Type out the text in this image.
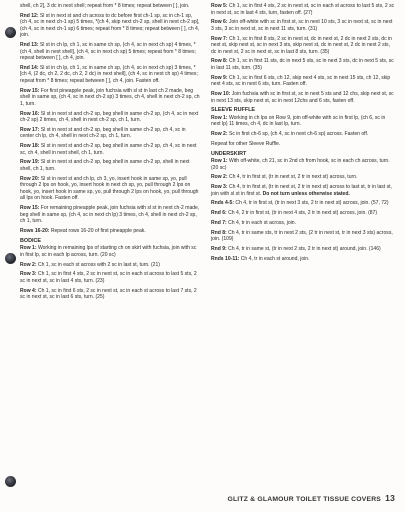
shell, ch 2], 3 dc in next shell; repeat from * 8 times; repeat between [ ], join.
Rnd 12: Sl st in next st and ch across to dc before first ch-1 sp, sc in ch-1 sp, (ch 4, sc in next ch-1 sp) 5 times, *(ch 4, skip next ch-2 sp, shell in next ch-2 sp], (ch 4, sc in next ch-1 sp) 6 times; repeat from * 8 times; repeat between [ ], ch 4, join.
Rnd 13: Sl st in ch lp, ch 1, sc in same ch sp, (ch 4, sc in next ch sp) 4 times, *(ch 4, shell in next shell], (ch 4, sc in next ch sp) 5 times; repeat from * 8 times; repeat between [ ], ch 4, join.
Rnd 14: Sl st in ch lp, ch 1, sc in same ch sp, (ch 4, sc in next ch sp) 3 times, *[ch 4, (2 dc, ch 2, 2 dc, ch 2, 2 dc) in next shell], (ch 4, sc in next ch sp) 4 times; repeat from * 8 times; repeat between [ ], ch 4, join. Fasten off.
Row 15: For first pineapple peak, join fuchsia with sl st in last ch 2 made, beg shell in same sp, (ch 4, sc in next ch-2 sp) 3 times, ch 4, shell in next ch-2 sp, ch 1, turn.
Row 16: Sl st in next st and ch-2 sp, beg shell in same ch-2 sp, (ch 4, sc in next ch-2 sp) 2 times, ch 4, shell in next ch-2 sp, ch 1, turn.
Row 17: Sl st in next st and ch-2 sp, beg shell in same ch-2 sp, ch 4, sc in center ch lp, ch 4, shell in next ch-2 sp, ch 1, turn.
Row 18: Sl st in next st and ch-2 sp, beg shell in same ch-2 sp, ch 4, sc in next sc, ch 4, shell in next shell, ch 1, turn.
Row 19: Sl st in next st and ch-2 sp, beg shell in same ch-2 sp, shell in next shell, ch 1, turn.
Row 20: Sl st in next st and ch lp, ch 3, yo, insert hook in same sp, yo, pull through 2 lps on hook, yo, insert hook in next ch sp, yo, pull through 2 lps on hook, yo, insert hook in same sp, yo, pull through 2 lps on hook, yo, pull through all lps on hook. Fasten off.
Row 15: For remaining pineapple peak, join fuchsia with sl st in next ch-2 made, beg shell in same sp, (ch 4, sc in next ch lp) 3 times, ch 4, shell in next ch-2 sp, ch 1, turn.
Rows 16-20: Repeat rows 16-20 of first pineapple peak.
BODICE
Row 1: Working in remaining lps of starting ch on skirt with fuchsia, join with sc in first lp, sc in each lp across, turn. (20 sc)
Row 2: Ch 1, sc in each st across with 2 sc in last st, turn. (21)
Row 3: Ch 1, sc in first 4 sts, 2 sc in next st, sc in each st across to last 5 sts, 2 sc in next st, sc in last 4 sts, turn. (23)
Row 4: Ch 1, sc in first 6 sts, 2 sc in next st, sc in each st across to last 7 sts, 2 sc in next st, sc in last 6 sts, turn. (25)
Row 5: Ch 1, sc in first 4 sts, 2 sc in next st, sc in each st across to last 5 sts, 2 sc in next st, sc in last 4 sts, turn, fasten off. (27)
Row 6: Join off-white with sc in first st, sc in next 10 sts, 3 sc in next st, sc in next 3 sts, 3 sc in next st, sc in next 11 sts, turn. (31)
Row 7: Ch 1, sc in first 8 sts, 2 sc in next st, dc in next st, 2 dc in next 2 sts, dc in next st, skip next st, sc in next 3 sts, skip next st, dc in next st, 2 dc in next 2 sts, dc in next st, 2 sc in next st, sc in last 8 sts, turn. (35)
Row 8: Ch 1, sc in first 11 sts, dc in next 5 sts, sc in next 3 sts, dc in next 5 sts, sc in last 11 sts, turn. (35)
Row 9: Ch 1, sc in first 6 sts, ch 12, skip next 4 sts, sc in next 15 sts, ch 12, skip next 4 sts, sc in next 6 sts, turn. Fasten off.
Row 10: Join fuchsia with sc in first st, sc in next 5 sts and 12 chs, skip next st, sc in next 13 sts, skip next st, sc in next 12chs and 6 sts, fasten off.
SLEEVE RUFFLE
Row 1: Working in ch lps on Row 9, join off-white with sc in first lp, (ch 6, sc in next lp) 11 times, ch 4, dc in last lp, turn.
Row 2: Sc in first ch-6 sp, (ch 4, sc in next ch-6 sp) across. Fasten off.
Repeat for other Sleeve Ruffle.
UNDERSKIRT
Row 1: With off-white, ch 21, sc in 2nd ch from hook, sc in each ch across, turn. (20 sc)
Row 2: Ch 4, tr in first st, (tr in next st, 2 tr in next st) across, turn.
Row 3: Ch 4, tr in first st, (tr in next st, 2 tr in next st) across to last st, tr in last st, join with sl st in first st. Do not turn unless otherwise stated.
Rnds 4-5: Ch 4, tr in first st, (tr in next 3 sts, 2 tr in next st) across, join. (57, 72)
Rnd 6: Ch 4, 2 tr in first st, (tr in next 4 sts, 2 tr in next st) across, join. (87)
Rnd 7: Ch 4, tr in each st across, join.
Rnd 8: Ch 4, tr in same sts, tr in next 2 sts, (2 tr in next st, tr in next 3 sts) across, join. (109)
Rnd 9: Ch 4, tr in same st, (tr in next 2 sts, 2 tr in next st) around, join. (146)
Rnds 10-11: Ch 4, tr in each st around, join.
GLITZ & GLAMOUR TOILET TISSUE COVERS 13
